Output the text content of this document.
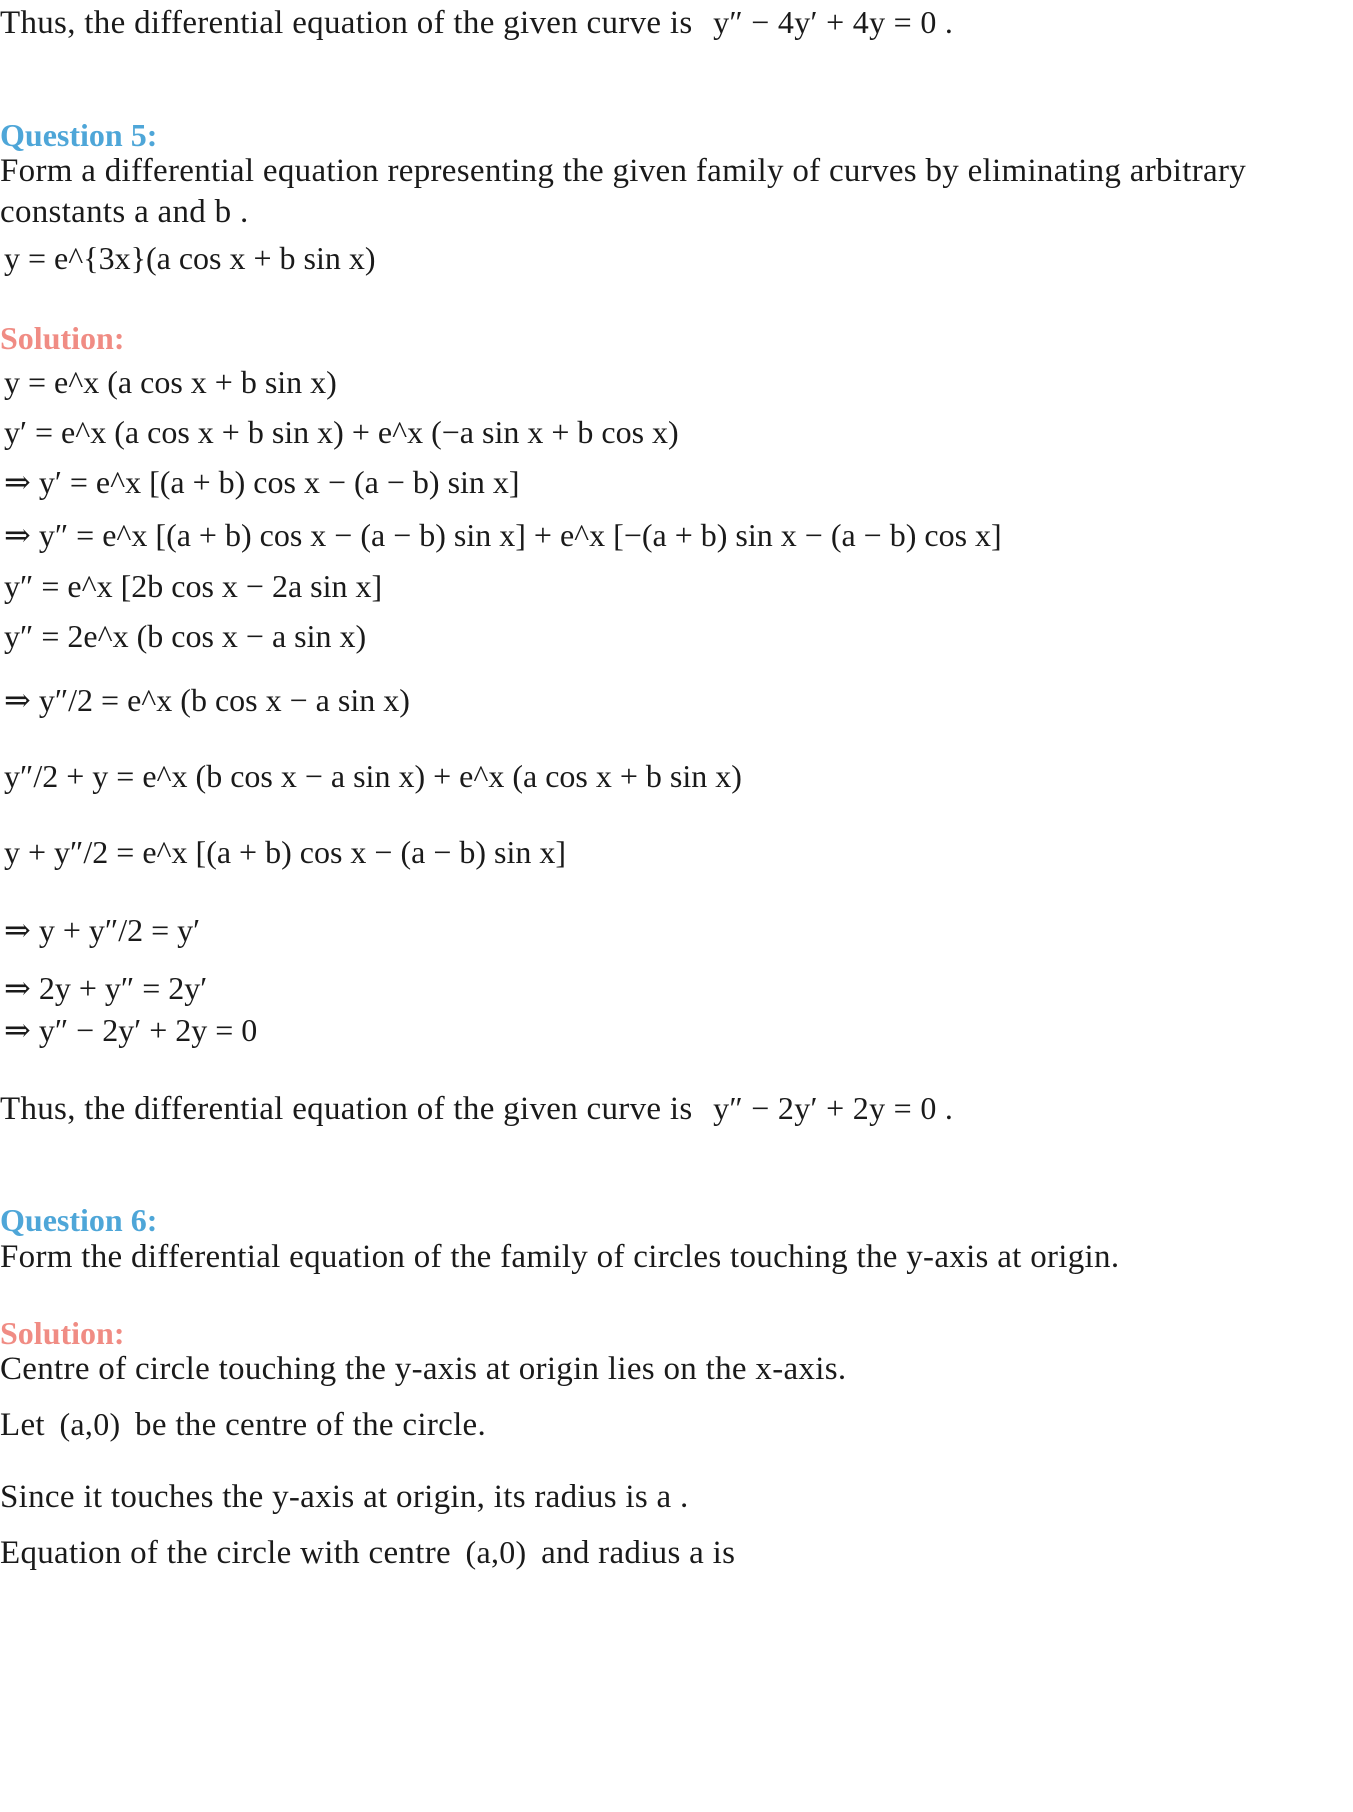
Thus, the differential equation of the given curve is y″ − 4y′ + 4y = 0 .
Question 5:
Form a differential equation representing the given family of curves by eliminating arbitrary
constants a and b .
y = e^{3x}(a cos x + b sin x)
Solution:
y = e^x (a cos x + b sin x)
y′ = e^x (a cos x + b sin x) + e^x (−a sin x + b cos x)
⇒ y′ = e^x [(a + b) cos x − (a − b) sin x]
⇒ y″ = e^x [(a + b) cos x − (a − b) sin x] + e^x [−(a + b) sin x − (a − b) cos x]
y″ = e^x [2b cos x − 2a sin x]
y″ = 2e^x (b cos x − a sin x)
⇒ y″/2 = e^x (b cos x − a sin x)
y″/2 + y = e^x (b cos x − a sin x) + e^x (a cos x + b sin x)
y + y″/2 = e^x [(a + b) cos x − (a − b) sin x]
⇒ y + y″/2 = y′
⇒ 2y + y″ = 2y′
⇒ y″ − 2y′ + 2y = 0
Thus, the differential equation of the given curve is y″ − 2y′ + 2y = 0 .
Question 6:
Form the differential equation of the family of circles touching the y-axis at origin.
Solution:
Centre of circle touching the y-axis at origin lies on the x-axis.
Let (a,0) be the centre of the circle.
Since it touches the y-axis at origin, its radius is a .
Equation of the circle with centre (a,0) and radius a is
